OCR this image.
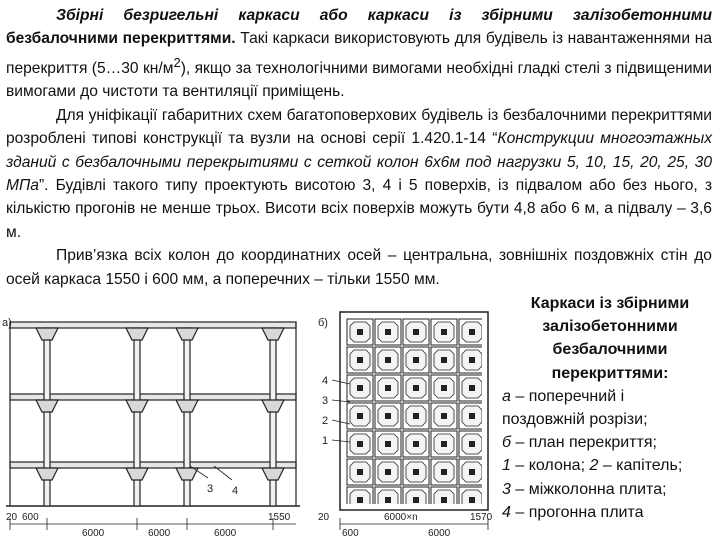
Збірні безригельні каркаси або каркаси із збірними залізобетонними безбалочними перекриттями. Такі каркаси використовують для будівель із навантаженнями на перекриття (5…30 $кн/м^2$), якщо за технологічними вимогами необхідні гладкі стелі з підвищеними вимогами до чистоти та вентиляції приміщень.

Для уніфікації габаритних схем багатоповерхових будівель із безбалочними перекриттями розроблені типові конструкції та вузли на основі серії 1.420.1-14 “Конструкции многоэтажных зданий с безбалочными перекрытиями с сеткой колон 6х6м под нагрузки 5, 10, 15, 20, 25, 30 МПа”. Будівлі такого типу проектують висотою 3, 4 і 5 поверхів, із підвалом або без нього, з кількістю прогонів не менше трьох. Висоти всіх поверхів можуть бути 4,8 або 6 м, а підвалу – 3,6 м.

Прив’язка всіх колон до координатних осей – центральна, зовнішніх поздовжніх стін до осей каркаса 1550 і 600 мм, а поперечних – тільки 1550 мм.

а)
3 4
20 600
6000	6000	6000
1550
б)
4
3
2
1
20
600
6000×n
6000
1570
Каркаси із збірними
залізобетонними
безбалочними
перекриттями:
а – поперечний і
поздовжній розрізи;
б – план перекриття;
1 – колона; 2 – капітель;
3 – міжколонна плита;
4 – прогонна плита
